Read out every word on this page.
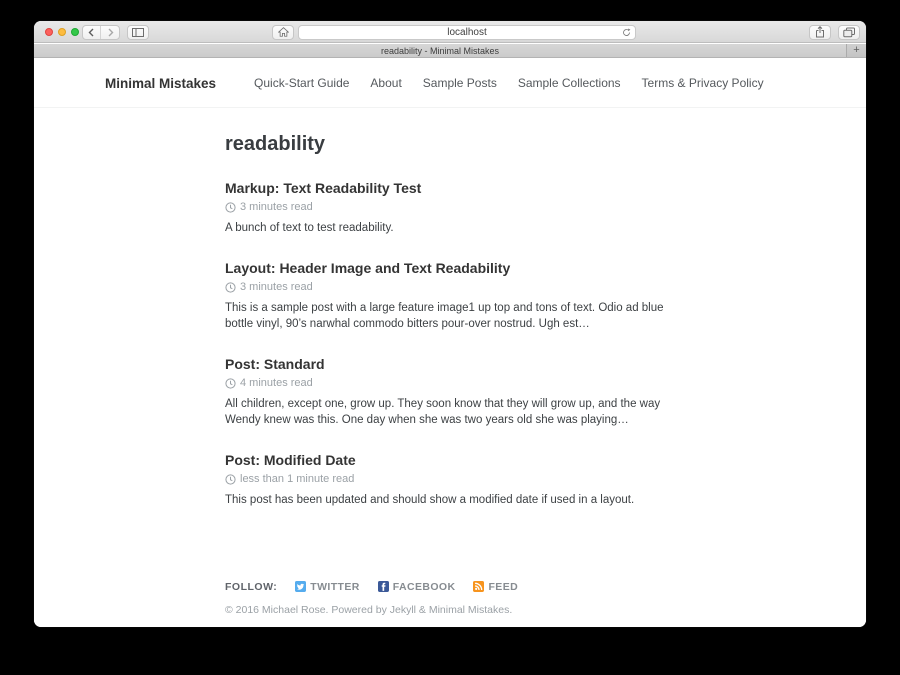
localhost
readability - Minimal Mistakes	+
Minimal Mistakes	Quick-Start Guide About Sample Posts Sample Collections Terms & Privacy Policy
readability
Markup: Text Readability Test
3 minutes read

A bunch of text to test readability.

Layout: Header Image and Text Readability
3 minutes read

This is a sample post with a large feature image1 up top and tons of text. Odio ad blue bottle vinyl, 90’s narwhal commodo bitters pour-over nostrud. Ugh est…

Post: Standard
4 minutes read

All children, except one, grow up. They soon know that they will grow up, and the way Wendy knew was this. One day when she was two years old she was playing…

Post: Modified Date
less than 1 minute read

This post has been updated and should show a modified date if used in a layout.

FOLLOW:	TWITTER	FACEBOOK	FEED
© 2016 Michael Rose. Powered by Jekyll & Minimal Mistakes.
